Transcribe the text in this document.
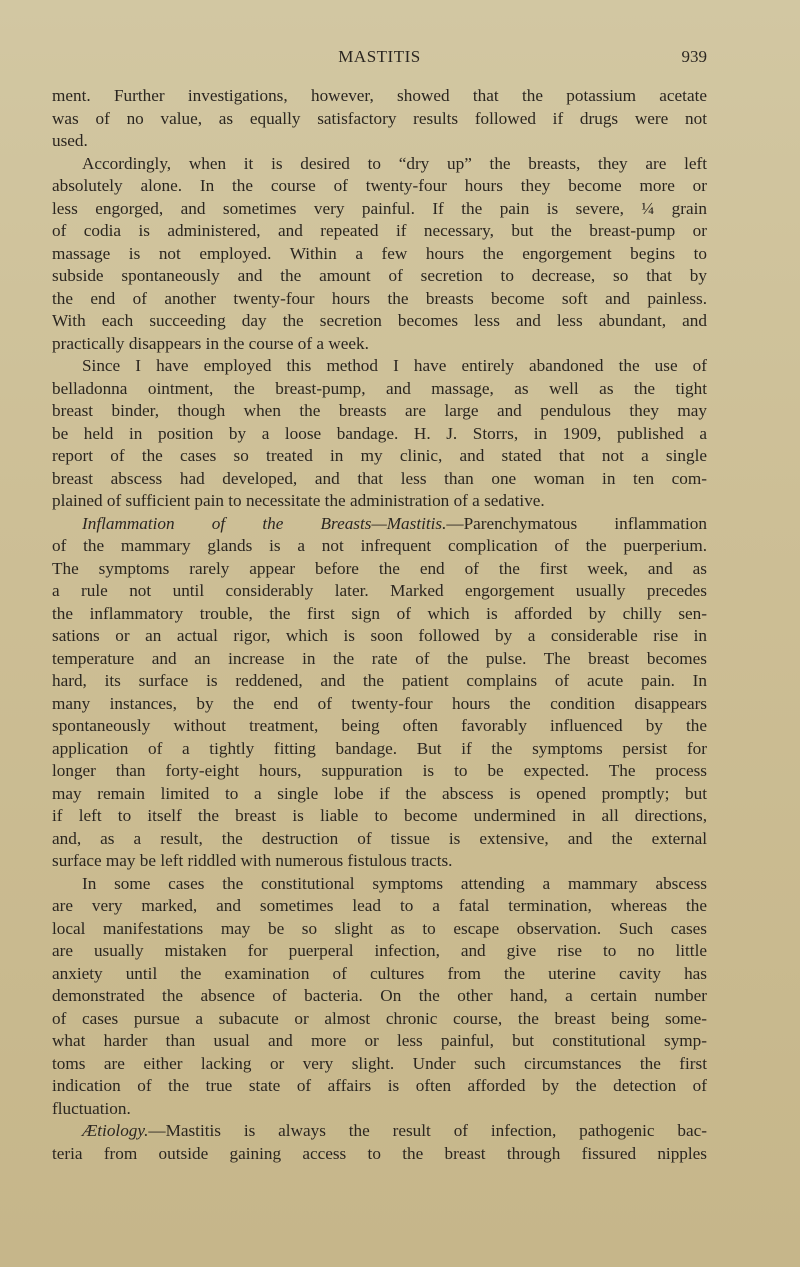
MASTITIS	939
ment. Further investigations, however, showed that the potassium acetate
was of no value, as equally satisfactory results followed if drugs were not
used.
Accordingly, when it is desired to “dry up” the breasts, they are left
absolutely alone. In the course of twenty-four hours they become more or
less engorged, and sometimes very painful. If the pain is severe, ¼ grain
of codia is administered, and repeated if necessary, but the breast-pump or
massage is not employed. Within a few hours the engorgement begins to
subside spontaneously and the amount of secretion to decrease, so that by
the end of another twenty-four hours the breasts become soft and painless.
With each succeeding day the secretion becomes less and less abundant, and
practically disappears in the course of a week.
Since I have employed this method I have entirely abandoned the use of
belladonna ointment, the breast-pump, and massage, as well as the tight
breast binder, though when the breasts are large and pendulous they may
be held in position by a loose bandage. H. J. Storrs, in 1909, published a
report of the cases so treated in my clinic, and stated that not a single
breast abscess had developed, and that less than one woman in ten com-
plained of sufficient pain to necessitate the administration of a sedative.
Inflammation of the Breasts—Mastitis.—Parenchymatous inflammation
of the mammary glands is a not infrequent complication of the puerperium.
The symptoms rarely appear before the end of the first week, and as
a rule not until considerably later. Marked engorgement usually precedes
the inflammatory trouble, the first sign of which is afforded by chilly sen-
sations or an actual rigor, which is soon followed by a considerable rise in
temperature and an increase in the rate of the pulse. The breast becomes
hard, its surface is reddened, and the patient complains of acute pain. In
many instances, by the end of twenty-four hours the condition disappears
spontaneously without treatment, being often favorably influenced by the
application of a tightly fitting bandage. But if the symptoms persist for
longer than forty-eight hours, suppuration is to be expected. The process
may remain limited to a single lobe if the abscess is opened promptly; but
if left to itself the breast is liable to become undermined in all directions,
and, as a result, the destruction of tissue is extensive, and the external
surface may be left riddled with numerous fistulous tracts.
In some cases the constitutional symptoms attending a mammary abscess
are very marked, and sometimes lead to a fatal termination, whereas the
local manifestations may be so slight as to escape observation. Such cases
are usually mistaken for puerperal infection, and give rise to no little
anxiety until the examination of cultures from the uterine cavity has
demonstrated the absence of bacteria. On the other hand, a certain number
of cases pursue a subacute or almost chronic course, the breast being some-
what harder than usual and more or less painful, but constitutional symp-
toms are either lacking or very slight. Under such circumstances the first
indication of the true state of affairs is often afforded by the detection of
fluctuation.
Ætiology.—Mastitis is always the result of infection, pathogenic bac-
teria from outside gaining access to the breast through fissured nipples
